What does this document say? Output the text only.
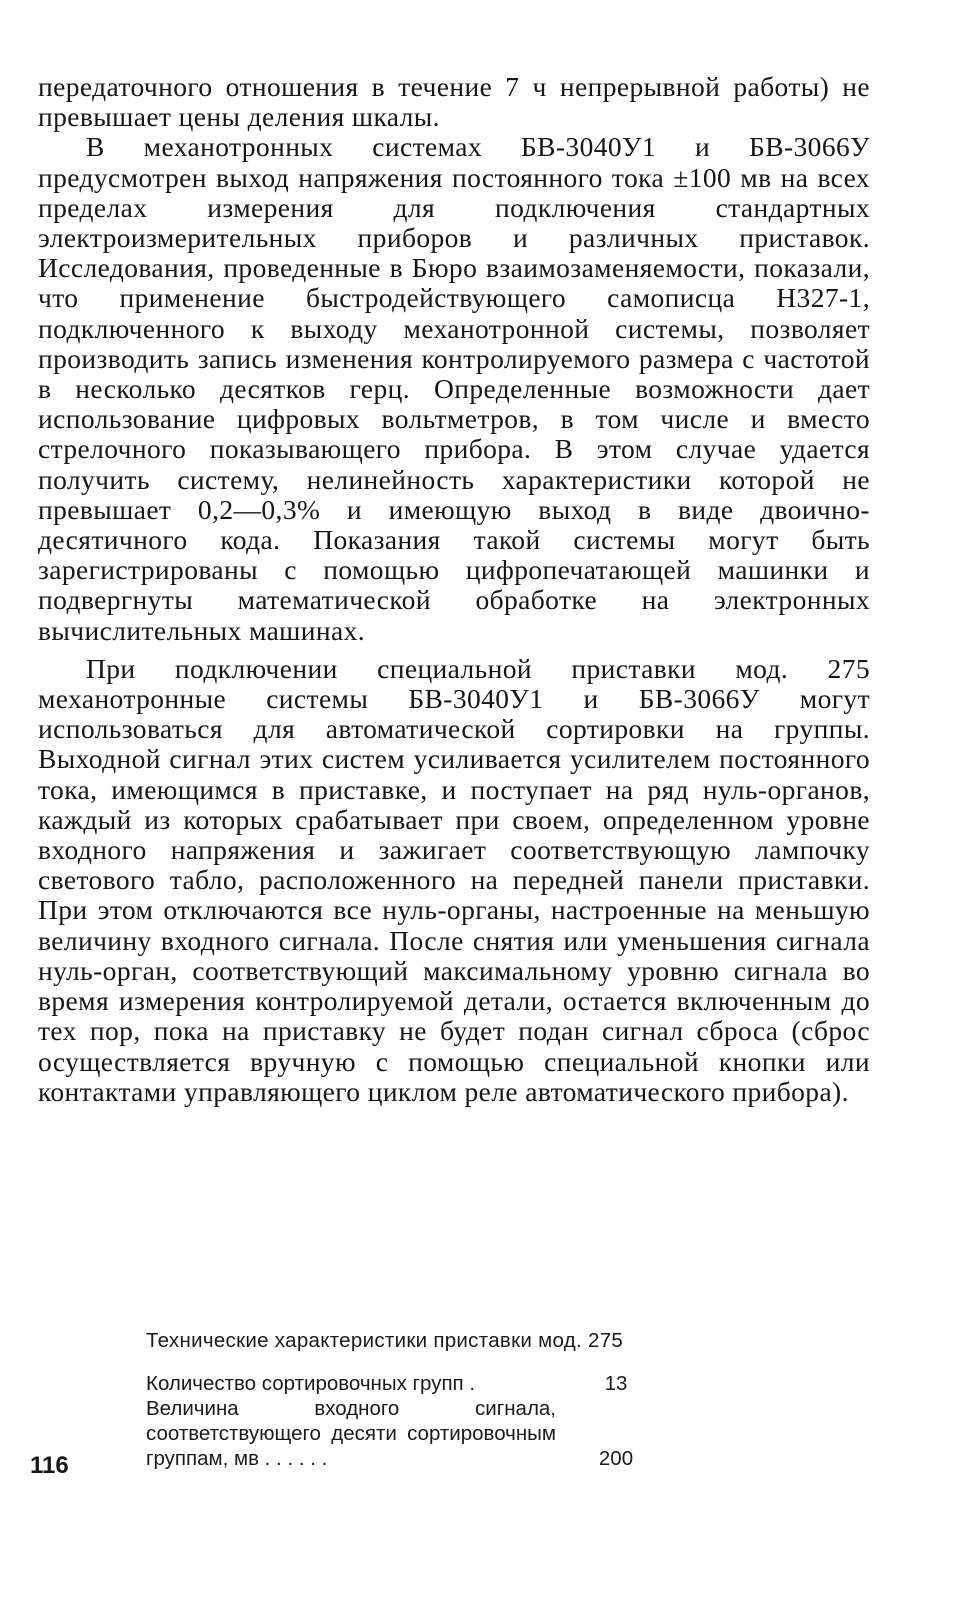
передаточного отношения в течение 7 ч непрерывной работы) не превышает цены деления шкалы.

В механотронных системах БВ-3040У1 и БВ-3066У предусмотрен выход напряжения постоянного тока ±100 мв на всех пределах измерения для подключения стандартных электроизмерительных приборов и различных приставок. Исследования, проведенные в Бюро взаимозаменяемости, показали, что применение быстродействующего самописца Н327-1, подключенного к выходу механотронной системы, позволяет производить запись изменения контролируемого размера с частотой в несколько десятков герц. Определенные возможности дает использование цифровых вольтметров, в том числе и вместо стрелочного показывающего прибора. В этом случае удается получить систему, нелинейность характеристики которой не превышает 0,2—0,3% и имеющую выход в виде двоично-десятичного кода. Показания такой системы могут быть зарегистрированы с помощью цифропечатающей машинки и подвергнуты математической обработке на электронных вычислительных машинах.

При подключении специальной приставки мод. 275 механотронные системы БВ-3040У1 и БВ-3066У могут использоваться для автоматической сортировки на группы. Выходной сигнал этих систем усиливается усилителем постоянного тока, имеющимся в приставке, и поступает на ряд нуль-органов, каждый из которых срабатывает при своем, определенном уровне входного напряжения и зажигает соответствующую лампочку светового табло, расположенного на передней панели приставки. При этом отключаются все нуль-органы, настроенные на меньшую величину входного сигнала. После снятия или уменьшения сигнала нуль-орган, соответствующий максимальному уровню сигнала во время измерения контролируемой детали, остается включенным до тех пор, пока на приставку не будет подан сигнал сброса (сброс осуществляется вручную с помощью специальной кнопки или контактами управляющего циклом реле автоматического прибора).

Технические характеристики приставки мод. 275

Количество сортировочных групп .	13
Величина входного сигнала, соответствующего десяти сортировочным группам, мв . . . . . .	200
116
